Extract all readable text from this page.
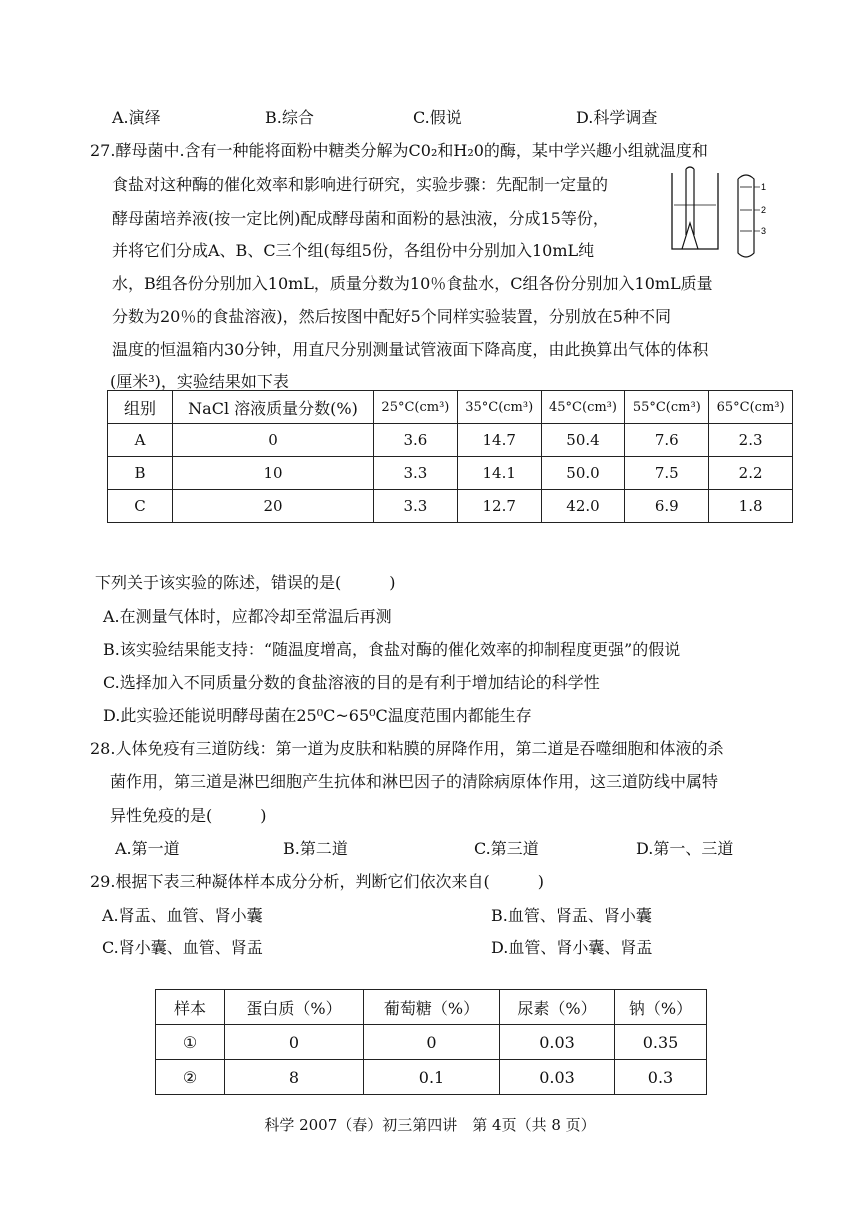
A.演绎	B.综合	C.假说	D.科学调查
27.酵母菌中.含有一种能将面粉中糖类分解为C0₂和H₂0的酶，某中学兴趣小组就温度和
食盐对这种酶的催化效率和影响进行研究，实验步骤：先配制一定量的
酵母菌培养液(按一定比例)配成酵母菌和面粉的悬浊液，分成15等份，
并将它们分成A、B、C三个组(每组5份，各组份中分别加入10mL纯
水，B组各份分别加入10mL，质量分数为10％食盐水，C组各份分别加入10mL质量
分数为20％的食盐溶液)，然后按图中配好5个同样实验装置，分别放在5种不同
温度的恒温箱内30分钟，用直尺分别测量试管液面下降高度，由此换算出气体的体积
(厘米³)，实验结果如下表
1
2
3
组别	NaCl 溶液质量分数(%)	25°C(cm³)	35°C(cm³)	45°C(cm³)	55°C(cm³)	65°C(cm³)
A	0	3.6	14.7	50.4	7.6	2.3
B	10	3.3	14.1	50.0	7.5	2.2
C	20	3.3	12.7	42.0	6.9	1.8
下列关于该实验的陈述，错误的是(　　　)
A.在测量气体时，应都冷却至常温后再测
B.该实验结果能支持：“随温度增高，食盐对酶的催化效率的抑制程度更强”的假说
C.选择加入不同质量分数的食盐溶液的目的是有利于增加结论的科学性
D.此实验还能说明酵母菌在25⁰C~65⁰C温度范围内都能生存
28.人体免疫有三道防线：第一道为皮肤和粘膜的屏降作用，第二道是吞噬细胞和体液的杀
菌作用，第三道是淋巴细胞产生抗体和淋巴因子的清除病原体作用，这三道防线中属特
异性免疫的是(　　　)
A.第一道	B.第二道	C.第三道	D.第一、三道
29.根据下表三种凝体样本成分分析，判断它们依次来自(　　　)
A.肾盂、血管、肾小囊	B.血管、肾盂、肾小囊
C.肾小囊、血管、肾盂	D.血管、肾小囊、肾盂
样本	蛋白质（%）	葡萄糖（%）	尿素（%）	钠（%）
①	0	0	0.03	0.35
②	8	0.1	0.03	0.3
科学 2007（春）初三第四讲　第 4页（共 8 页）
